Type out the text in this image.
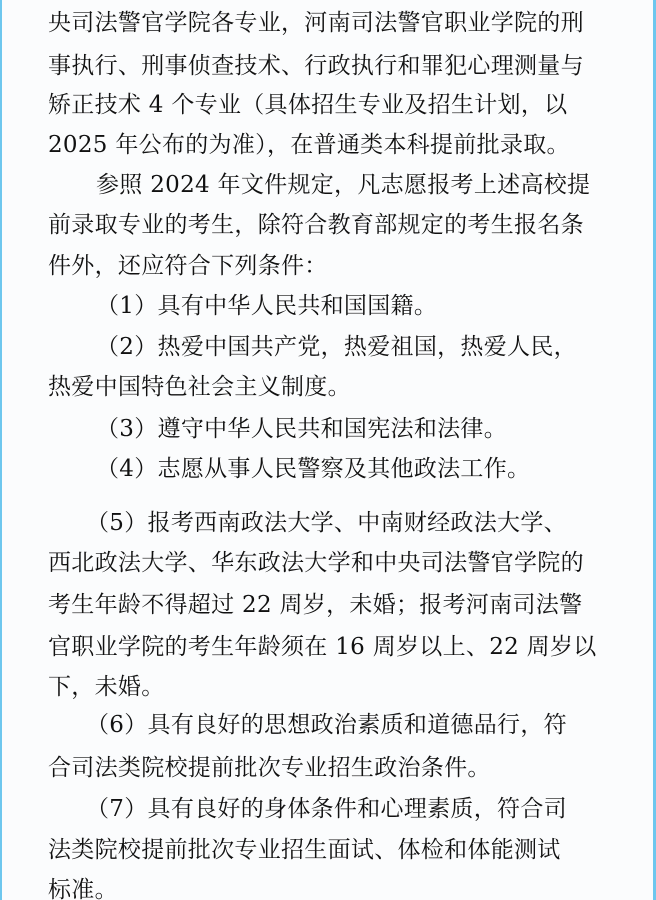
央司法警官学院各专业，河南司法警官职业学院的刑
事执行、刑事侦查技术、行政执行和罪犯心理测量与
矫正技术 4 个专业（具体招生专业及招生计划，以
2025 年公布的为准），在普通类本科提前批录取。
参照 2024 年文件规定，凡志愿报考上述高校提
前录取专业的考生，除符合教育部规定的考生报名条
件外，还应符合下列条件：
（1）具有中华人民共和国国籍。
（2）热爱中国共产党，热爱祖国，热爱人民，
热爱中国特色社会主义制度。
（3）遵守中华人民共和国宪法和法律。
（4）志愿从事人民警察及其他政法工作。
（5）报考西南政法大学、中南财经政法大学、
西北政法大学、华东政法大学和中央司法警官学院的
考生年龄不得超过 22 周岁，未婚；报考河南司法警
官职业学院的考生年龄须在 16 周岁以上、22 周岁以
下，未婚。
（6）具有良好的思想政治素质和道德品行，符
合司法类院校提前批次专业招生政治条件。
（7）具有良好的身体条件和心理素质，符合司
法类院校提前批次专业招生面试、体检和体能测试
标准。
